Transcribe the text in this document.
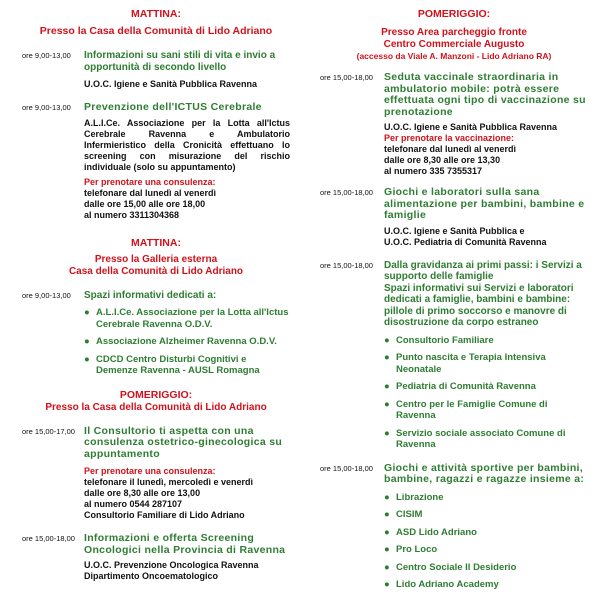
MATTINA:
Presso la Casa della Comunità di Lido Adriano
ore 9,00-13,00	Informazioni su sani stili di vita e invio a opportunità di secondo livello
U.O.C. Igiene e Sanità Pubblica Ravenna
ore 9,00-13,00	Prevenzione dell'ICTUS Cerebrale
A.L.I.Ce. Associazione per la Lotta all'Ictus Cerebrale Ravenna e Ambulatorio Infermieristico della Cronicità effettuano lo screening con misurazione del rischio individuale (solo su appuntamento)
Per prenotare una consulenza:
telefonare dal lunedì al venerdì
dalle ore 15,00 alle ore 18,00
al numero 3311304368
MATTINA:
Presso la Galleria esterna
Casa della Comunità di Lido Adriano
ore 9,00-13,00	Spazi informativi dedicati a:
● A.L.I.Ce. Associazione per la Lotta all'Ictus Cerebrale Ravenna O.D.V.
● Associazione Alzheimer Ravenna O.D.V.
● CDCD Centro Disturbi Cognitivi e Demenze Ravenna - AUSL Romagna
POMERIGGIO:
Presso la Casa della Comunità di Lido Adriano
ore 15,00-17,00 Il Consultorio ti aspetta con una consulenza ostetrico-ginecologica su appuntamento
Per prenotare una consulenza:
telefonare il lunedì, mercoledì e venerdì
dalle ore 8,30 alle ore 13,00
al numero 0544 287107
Consultorio Familiare di Lido Adriano
ore 15,00-18,00 Informazioni e offerta Screening Oncologici nella Provincia di Ravenna
U.O.C. Prevenzione Oncologica Ravenna
Dipartimento Oncoematologico
POMERIGGIO:
Presso Area parcheggio fronte
Centro Commerciale Augusto
(accesso da Viale A. Manzoni - Lido Adriano RA)
ore 15,00-18,00	Seduta vaccinale straordinaria in ambulatorio mobile: potrà essere effettuata ogni tipo di vaccinazione su prenotazione
U.O.C. Igiene e Sanità Pubblica Ravenna
Per prenotare la vaccinazione:
telefonare dal lunedì al venerdì
dalle ore 8,30 alle ore 13,30
al numero 335 7355317
ore 15,00-18,00	Giochi e laboratori sulla sana alimentazione per bambini, bambine e famiglie
U.O.C. Igiene e Sanità Pubblica e
U.O.C. Pediatria di Comunità Ravenna
ore 15,00-18,00	Dalla gravidanza ai primi passi: i Servizi a supporto delle famiglie
Spazi informativi sui Servizi e laboratori dedicati a famiglie, bambini e bambine: pillole di primo soccorso e manovre di disostruzione da corpo estraneo
● Consultorio Familiare
● Punto nascita e Terapia Intensiva Neonatale
● Pediatria di Comunità Ravenna
● Centro per le Famiglie Comune di Ravenna
● Servizio sociale associato Comune di Ravenna
ore 15,00-18,00	Giochi e attività sportive per bambini, bambine, ragazzi e ragazze insieme a:
● Librazione
● CISIM
● ASD Lido Adriano
● Pro Loco
● Centro Sociale Il Desiderio
● Lido Adriano Academy
